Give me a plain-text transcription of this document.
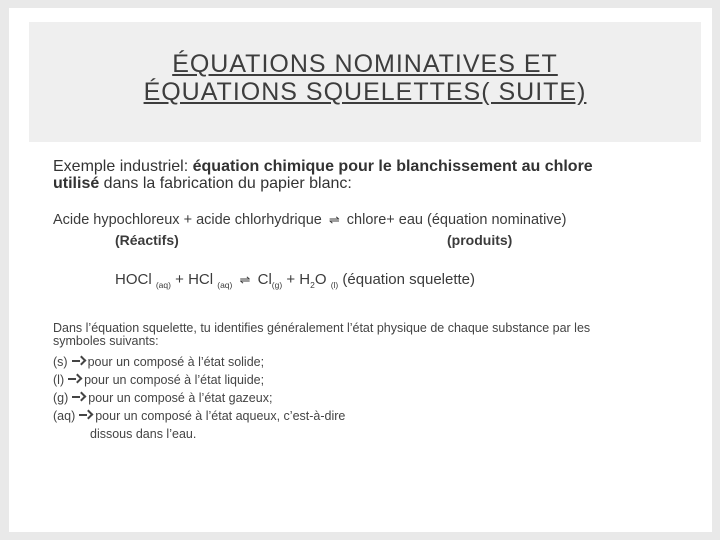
ÉQUATIONS NOMINATIVES ET
ÉQUATIONS SQUELETTES( SUITE)
Exemple industriel: équation chimique pour le blanchissement au chlore
utilisé dans la fabrication du papier blanc:
Acide hypochloreux + acide chlorhydrique ⇌ chlore+ eau (équation nominative)
(Réactifs)	(produits)
HOCl $_{(aq)}$ + HCl $_{(aq)}$ ⇌ $Cl_{(g)} + H_2O$ $_{(l)}$ (équation squelette)
Dans l’équation squelette, tu identifies généralement l’état physique de chaque substance par les
symboles suivants:
(s) pour un composé à l’état solide;
(l) pour un composé à l’état liquide;
(g) pour un composé à l’état gazeux;
(aq) pour un composé à l’état aqueux, c’est-à-dire
dissous dans l’eau.
